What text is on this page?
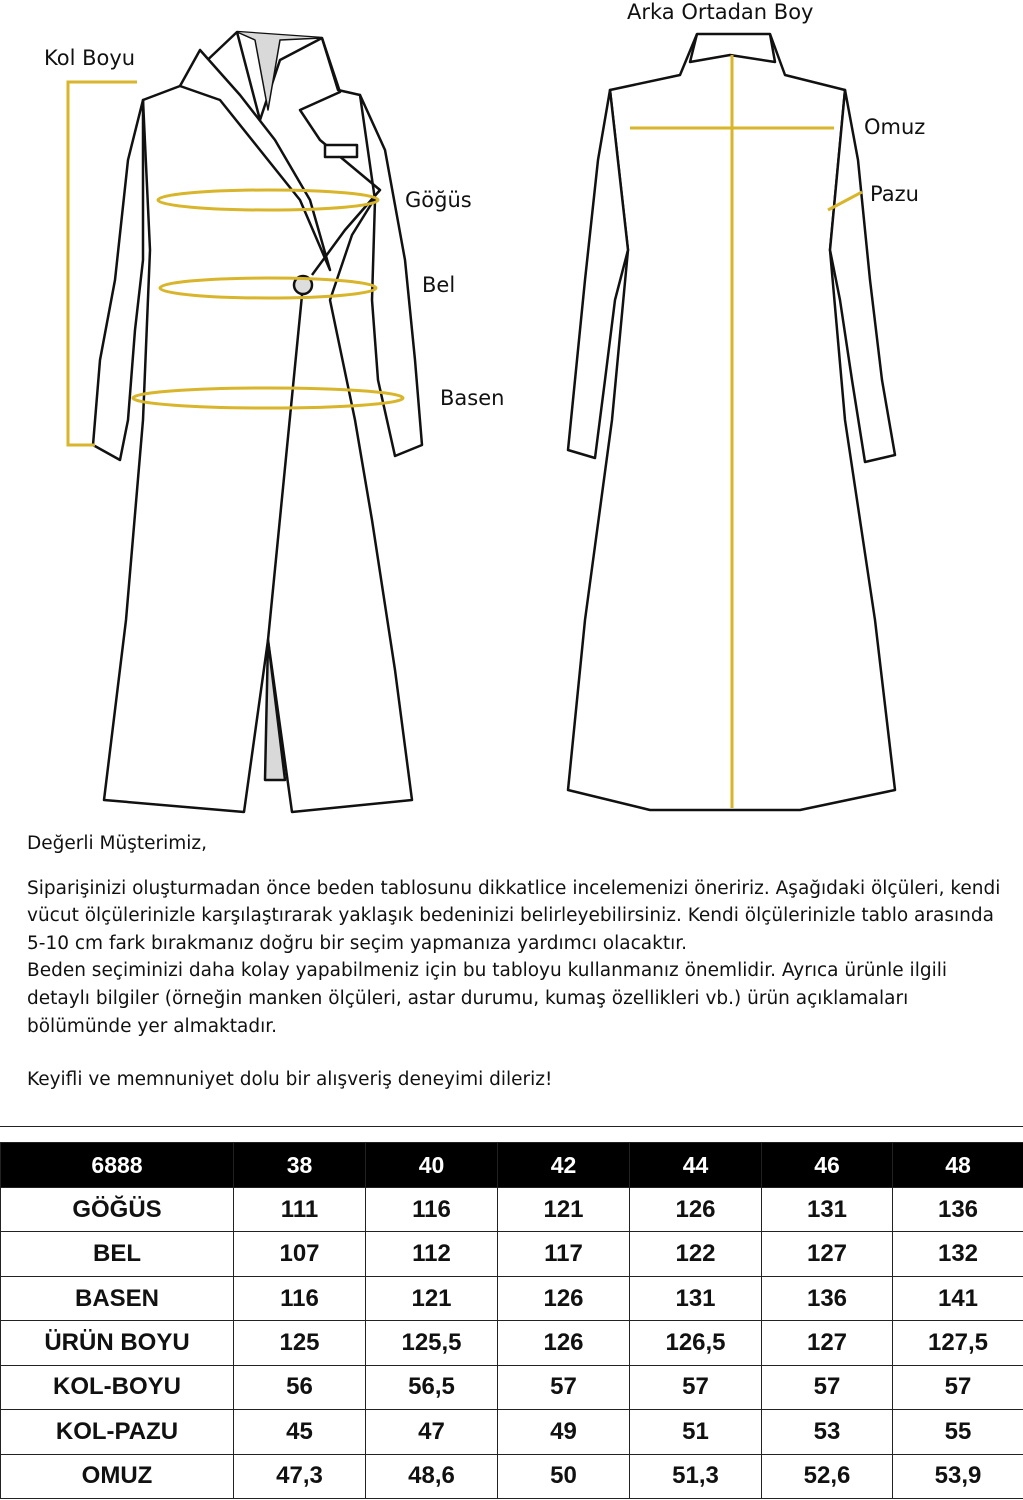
Kol Boyu
Göğüs
Bel
Basen
Arka Ortadan Boy
Omuz
Pazu

Değerli Müşterimiz,

Siparişinizi oluşturmadan önce beden tablosunu dikkatlice incelemenizi öneririz. Aşağıdaki ölçüleri, kendi vücut ölçülerinizle karşılaştırarak yaklaşık bedeninizi belirleyebilirsiniz. Kendi ölçülerinizle tablo arasında 5-10 cm fark bırakmanız doğru bir seçim yapmanıza yardımcı olacaktır.

Beden seçiminizi daha kolay yapabilmeniz için bu tabloyu kullanmanız önemlidir. Ayrıca ürünle ilgili detaylı bilgiler (örneğin manken ölçüleri, astar durumu, kumaş özellikleri vb.) ürün açıklamaları bölümünde yer almaktadır.

Keyifli ve memnuniyet dolu bir alışveriş deneyimi dileriz!

6888	38	40	42	44	46	48
GÖĞÜS	111	116	121	126	131	136
BEL	107	112	117	122	127	132
BASEN	116	121	126	131	136	141
ÜRÜN BOYU	125	125,5	126	126,5	127	127,5
KOL-BOYU	56	56,5	57	57	57	57
KOL-PAZU	45	47	49	51	53	55
OMUZ	47,3	48,6	50	51,3	52,6	53,9
